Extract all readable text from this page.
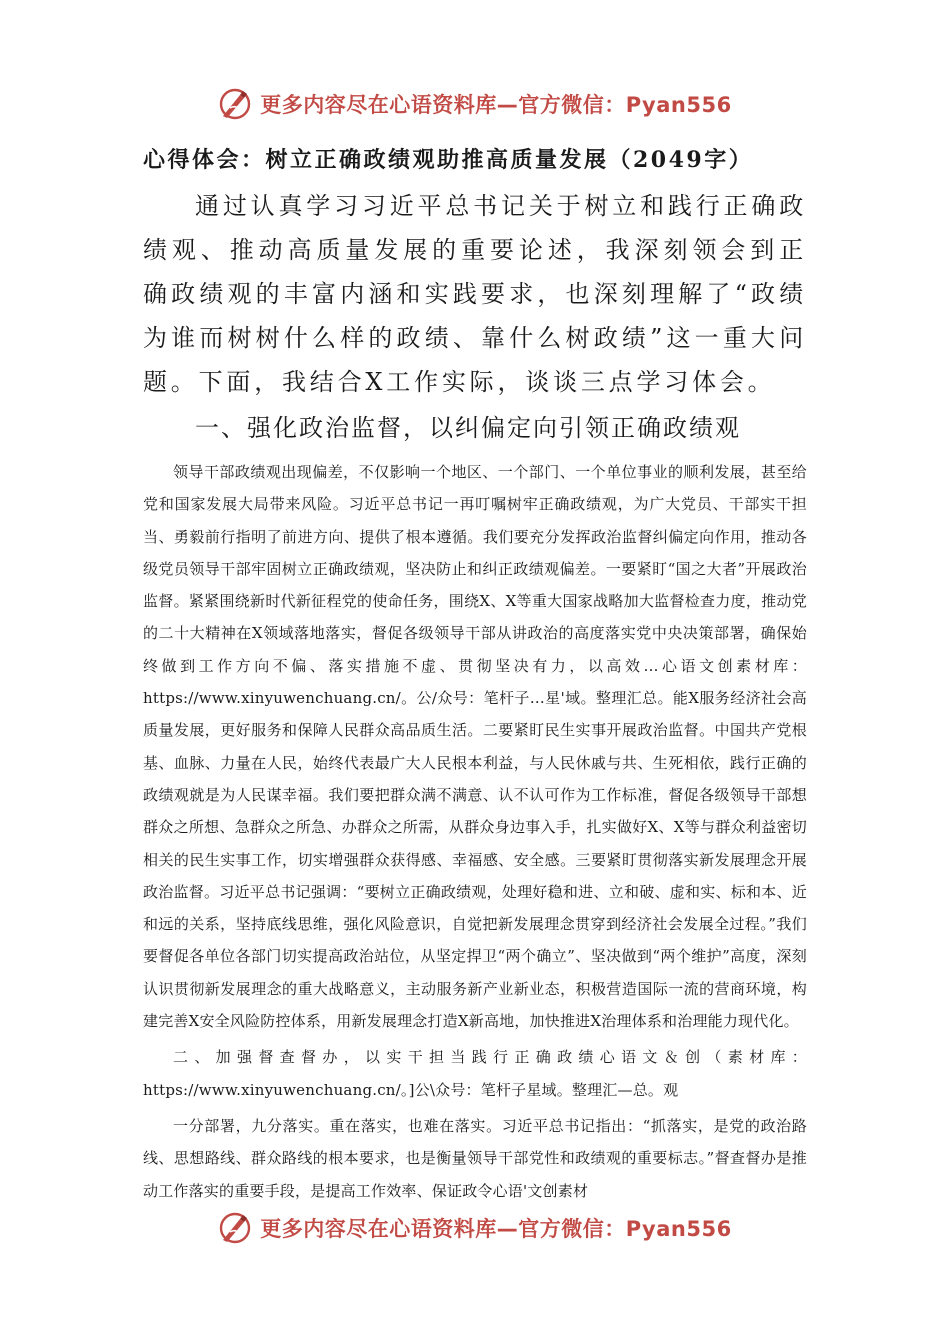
更多内容尽在心语资料库—官方微信：Pyan556
心得体会：树立正确政绩观助推高质量发展（2049字）

通过认真学习习近平总书记关于树立和践行正确政绩观、推动高质量发展的重要论述，我深刻领会到正确政绩观的丰富内涵和实践要求，也深刻理解了“政绩为谁而树树什么样的政绩、靠什么树政绩”这一重大问题。下面，我结合X工作实际，谈谈三点学习体会。

一、强化政治监督，以纠偏定向引领正确政绩观

领导干部政绩观出现偏差，不仅影响一个地区、一个部门、一个单位事业的顺利发展，甚至给党和国家发展大局带来风险。习近平总书记一再叮嘱树牢正确政绩观，为广大党员、干部实干担当、勇毅前行指明了前进方向、提供了根本遵循。我们要充分发挥政治监督纠偏定向作用，推动各级党员领导干部牢固树立正确政绩观，坚决防止和纠正政绩观偏差。一要紧盯“国之大者”开展政治监督。紧紧围绕新时代新征程党的使命任务，围绕X、X等重大国家战略加大监督检查力度，推动党的二十大精神在X领域落地落实，督促各级领导干部从讲政治的高度落实党中央决策部署，确保始终做到工作方向不偏、落实措施不虚、贯彻坚决有力，以高效…心语文创素材库：https://www.xinyuwenchuang.cn/。公/众号：笔杆子…星'域。整理汇总。能X服务经济社会高质量发展，更好服务和保障人民群众高品质生活。二要紧盯民生实事开展政治监督。中国共产党根基、血脉、力量在人民，始终代表最广大人民根本利益，与人民休戚与共、生死相依，践行正确的政绩观就是为人民谋幸福。我们要把群众满不满意、认不认可作为工作标准，督促各级领导干部想群众之所想、急群众之所急、办群众之所需，从群众身边事入手，扎实做好X、X等与群众利益密切相关的民生实事工作，切实增强群众获得感、幸福感、安全感。三要紧盯贯彻落实新发展理念开展政治监督。习近平总书记强调：“要树立正确政绩观，处理好稳和进、立和破、虚和实、标和本、近和远的关系，坚持底线思维，强化风险意识，自觉把新发展理念贯穿到经济社会发展全过程。”我们要督促各单位各部门切实提高政治站位，从坚定捍卫“两个确立”、坚决做到“两个维护”高度，深刻认识贯彻新发展理念的重大战略意义，主动服务新产业新业态，积极营造国际一流的营商环境，构建完善X安全风险防控体系，用新发展理念打造X新高地，加快推进X治理体系和治理能力现代化。

二、加强督查督办，以实干担当践行正确政绩心语文＆创（素材库：https://www.xinyuwenchuang.cn/。]公\众号：笔杆子星域。整理汇—总。观

一分部署，九分落实。重在落实，也难在落实。习近平总书记指出：“抓落实，是党的政治路线、思想路线、群众路线的根本要求，也是衡量领导干部党性和政绩观的重要标志。”督查督办是推动工作落实的重要手段，是提高工作效率、保证政令心语'文创素材

更多内容尽在心语资料库—官方微信：Pyan556
